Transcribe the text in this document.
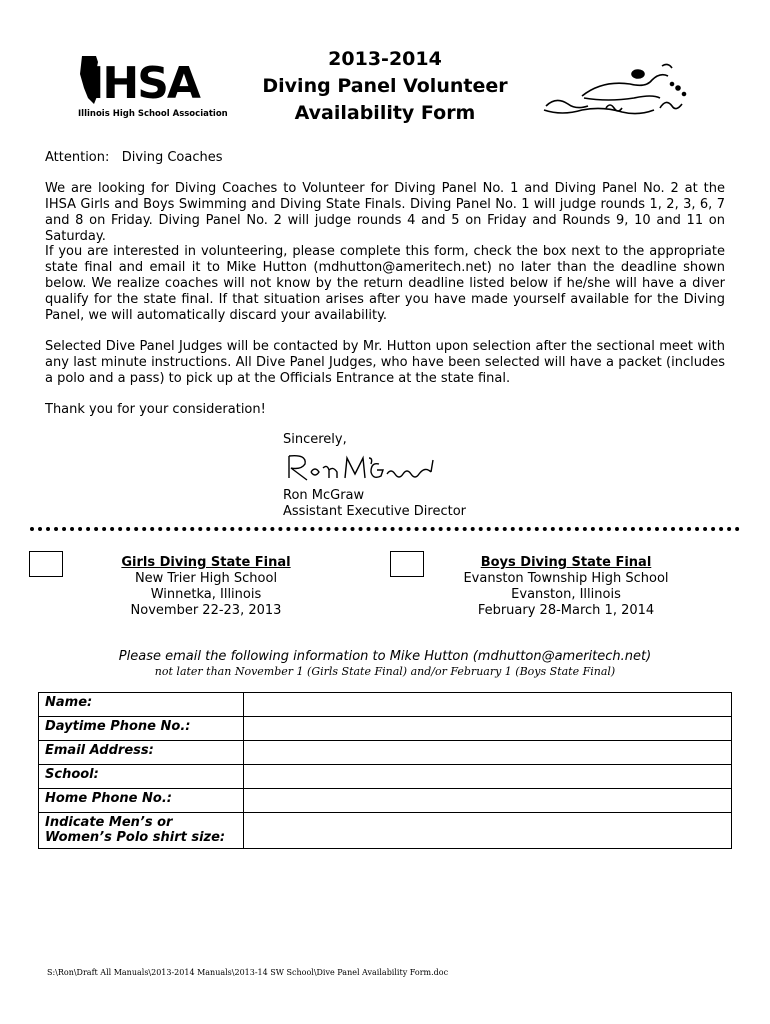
IHSA
Illinois High School Association
2013-2014
Diving Panel Volunteer
Availability Form
Attention:   Diving Coaches
We are looking for Diving Coaches to Volunteer for Diving Panel No. 1 and Diving Panel No. 2 at the IHSA Girls and Boys Swimming and Diving State Finals. Diving Panel No. 1 will judge rounds 1, 2, 3, 6, 7 and 8 on Friday. Diving Panel No. 2 will judge rounds 4 and 5 on Friday and Rounds 9, 10 and 11 on Saturday.
If you are interested in volunteering, please complete this form, check the box next to the appropriate state final and email it to Mike Hutton (mdhutton@ameritech.net) no later than the deadline shown below. We realize coaches will not know by the return deadline listed below if he/she will have a diver qualify for the state final. If that situation arises after you have made yourself available for the Diving Panel, we will automatically discard your availability.
Selected Dive Panel Judges will be contacted by Mr. Hutton upon selection after the sectional meet with any last minute instructions. All Dive Panel Judges, who have been selected will have a packet (includes a polo and a pass) to pick up at the Officials Entrance at the state final.
Thank you for your consideration!
Sincerely,
Ron McGraw
Assistant Executive Director
Girls Diving State Final
New Trier High School
Winnetka, Illinois
November 22-23, 2013
Boys Diving State Final
Evanston Township High School
Evanston, Illinois
February 28-March 1, 2014
Please email the following information to Mike Hutton (mdhutton@ameritech.net)
not later than November 1 (Girls State Final) and/or February 1 (Boys State Final)
Name:	
Daytime Phone No.:	
Email Address:	
School:	
Home Phone No.:	
Indicate Men’s or Women’s Polo shirt size:	
S:\Ron\Draft All Manuals\2013-2014 Manuals\2013-14 SW School\Dive Panel Availability Form.doc
